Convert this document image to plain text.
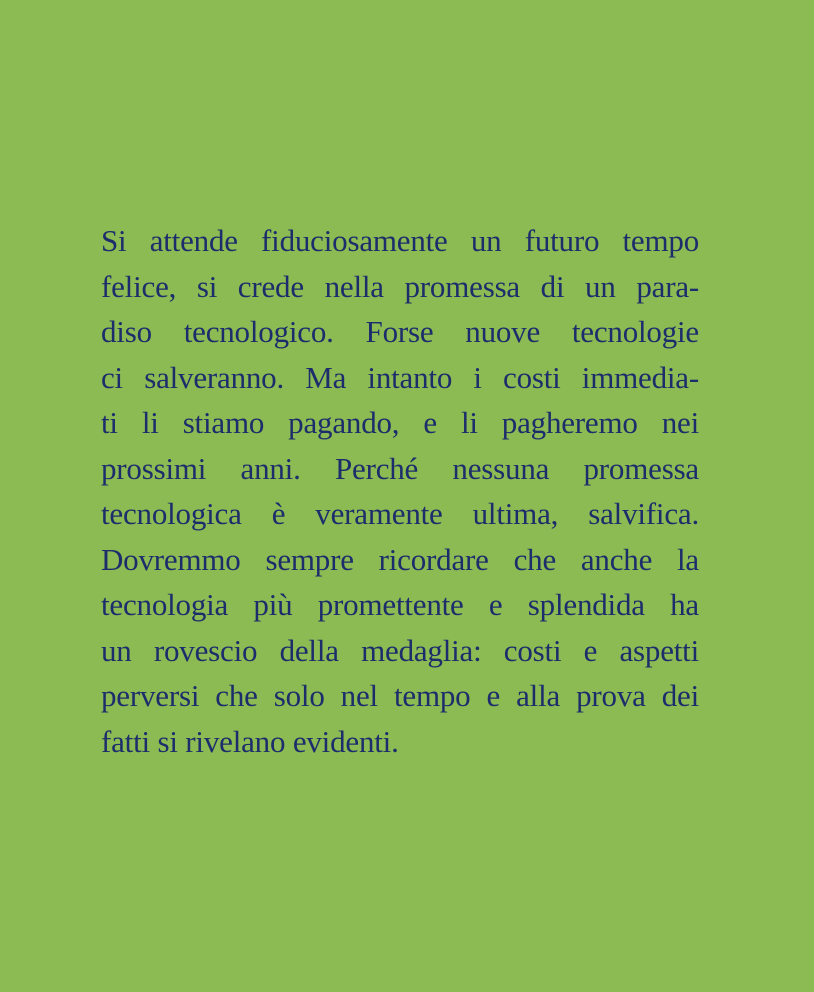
Si attende fiduciosamente un futuro tempo
felice, si crede nella promessa di un para-
diso tecnologico. Forse nuove tecnologie
ci salveranno. Ma intanto i costi immedia-
ti li stiamo pagando, e li pagheremo nei
prossimi anni. Perché nessuna promessa
tecnologica è veramente ultima, salvifica.
Dovremmo sempre ricordare che anche la
tecnologia più promettente e splendida ha
un rovescio della medaglia: costi e aspetti
perversi che solo nel tempo e alla prova dei
fatti si rivelano evidenti.
